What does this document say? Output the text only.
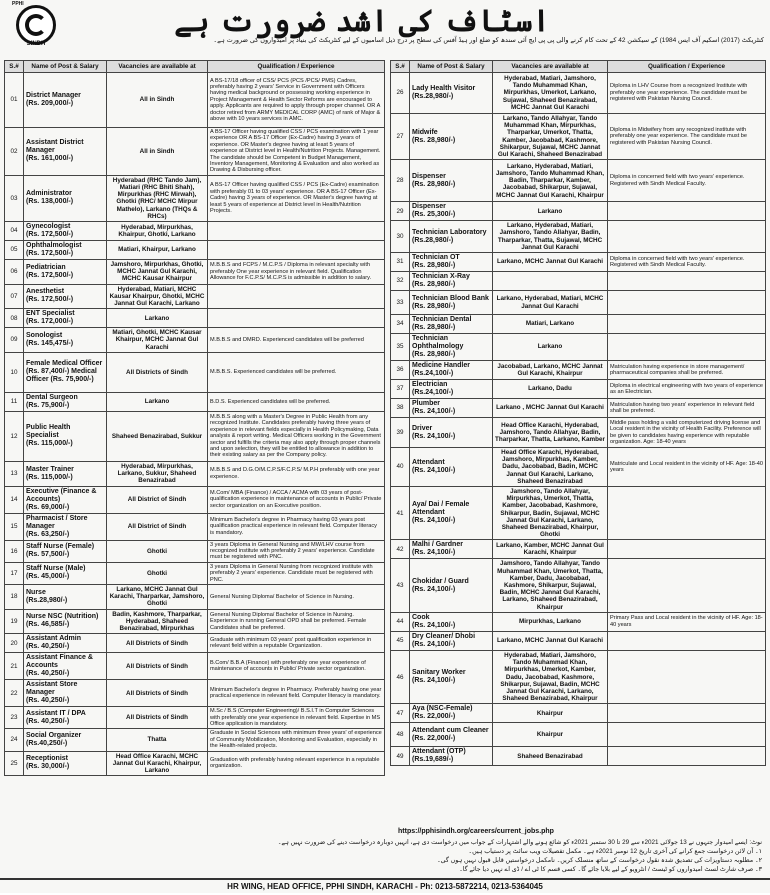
PPHI
SINDH
اسٹاف کی اشد ضرورت ہے
کنٹریکٹ (2017) اسکیم آف ایس 1984) کے سیکشن 42 کے تحت کام کرنے والی پی پی ایچ آئی سندھ کو ضلع اور ہیڈ آفس کی سطح پر درج ذیل اسامیوں کے لیے کنٹریکٹ کی بنیاد پر امیدواروں کی ضرورت ہے۔
S.#	Name of Post & Salary	Vacancies are available at	Qualification / Experience
01	District Manager
(Rs. 209,000/-)	All in Sindh	A BS-17/18 officer of CSS/ PCS (PCS /PCS/ PMS) Cadres, preferably having 2 years' Service in Government with Officers having medical background or possessing working experience in Project Management & Health Sector Reforms are encouraged to apply. Applicants are required to apply through proper channel. OR A doctor retired from ARMY MEDICAL CORP (AMC) of rank of Major & above with 10 years services in AMC.
02	Assistant District Manager
(Rs. 161,000/-)	All in Sindh	A BS-17 Officer having qualified CSS / PCS examination with 1 year experience OR A BS-17 Officer (Ex-Cadre) having 3 years of experience. OR Master's degree having at least 5 years of experience at District level in Health/Nutrition Projects. Management. The candidate should be Competent in Budget Management, Inventory Management, Monitoring & Evaluation and also worked as Drawing & Disbursing officer.
03	Administrator
(Rs. 138,000/-)	Hyderabad (RHC Tando Jam), Matiari (RHC Bhiti Shah), Mirpurkhas (RHC Mirwah), Ghotki (RHC/ MCHC Mirpur Mathelo), Larkano (THQs & RHCs)	A BS-17 Officer having qualified CSS / PCS (Ex-Cadre) examination with preferably 01 to 03 years' experience. OR A BS-17 Officer (Ex-Cadre) having 3 years of experience. OR Master's degree having at least 5 years of experience at District level in Health/Nutrition Projects.
04	Gynecologist
(Rs. 172,500/-)	Hyderabad, Mirpurkhas, Khairpur, Ghotki, Larkano	
05	Ophthalmologist
(Rs. 172,500/-)	Matiari, Khairpur, Larkano	
06	Pediatrician
(Rs. 172,500/-)	Jamshoro, Mirpurkhas, Ghotki, MCHC Jannat Gul Karachi, MCHC Kausar Khairpur	M.B.B.S and FCPS / M.C.P.S / Diploma in relevant specialty with preferably One year experience in relevant field. Qualification Allowance for F.C.P.S/ M.C.P.S is admissible in addition to salary.
07	Anesthetist
(Rs. 172,500/-)	Hyderabad, Matiari, MCHC Kausar Khairpur, Ghotki, MCHC Jannat Gul Karachi, Larkano	
08	ENT Specialist
(Rs. 172,000/-)	Larkano	
09	Sonologist
(Rs. 145,475/-)	Matiari, Ghotki, MCHC Kausar Khairpur, MCHC Jannat Gul Karachi	M.B.B.S and DMRD. Experienced candidates will be preferred
10	Female Medical Officer
(Rs. 87,400/-) Medical Officer (Rs. 75,900/-)	All Districts of Sindh	M.B.B.S. Experienced candidates will be preferred.
11	Dental Surgeon
(Rs. 75,900/-)	Larkano	B.D.S. Experienced candidates will be preferred.
12	Public Health Specialist
(Rs. 115,000/-)	Shaheed Benazirabad, Sukkur	M.B.B.S along with a Master's Degree in Public Health from any recognized Institute. Candidates preferably having three years of experience in relevant fields especially in Health Policymaking, Data analysis & report writing. Medical Officers working in the Government sector and fulfills the criteria may also apply through proper channels and upon selection, they will be entitled to allowance in addition to their existing salary as per the Company policy.
13	Master Trainer
(Rs. 115,000/-)	Hyderabad, Mirpurkhas, Larkano, Sukkur, Shaheed Benazirabad	M.B.B.S and D.G.O/M.C.P.S/F.C.P.S/ M.P.H preferably with one year experience.
14	Executive (Finance & Accounts)
(Rs. 69,000/-)	All District of Sindh	M.Com/ MBA (Finance) / ACCA / ACMA with 03 years of post-qualification experience in maintenance of accounts in Public/ Private sector organization on an Executive position.
15	Pharmacist / Store Manager
(Rs. 63,250/-)	All District of Sindh	Minimum Bachelor's degree in Pharmacy having 03 years post qualification practical experience in relevant field. Computer literacy is mandatory.
16	Staff Nurse (Female)
(Rs. 57,500/-)	Ghotki	3 years Diploma in General Nursing and MW/LHV course from recognized institute with preferably 2 years' experience. Candidate must be registered with PNC.
17	Staff Nurse (Male)
(Rs. 45,000/-)	Ghotki	3 years Diploma in General Nursing from recognized institute with preferably 2 years' experience. Candidate must be registered with PNC.
18	Nurse
(Rs.28,980/-)	Larkano, MCHC Jannat Gul Karachi, Tharparkar, Jamshoro, Ghotki	General Nursing Diploma/ Bachelor of Science in Nursing.
19	Nurse NSC (Nutrition)
(Rs. 46,585/-)	Badin, Kashmore, Tharparkar, Hyderabad, Shaheed Benazirabad, Mirpurkhas	General Nursing Diploma/ Bachelor of Science in Nursing. Experience in running General OPD shall be preferred. Female Candidates shall be preferred.
20	Assistant Admin
(Rs. 40,250/-)	All Districts of Sindh	Graduate with minimum 03 years' post qualification experience in relevant field within a reputable Organization.
21	Assistant Finance & Accounts
(Rs. 40,250/-)	All Districts of Sindh	B.Com/ B.B.A (Finance) with preferably one year experience of maintenance of accounts in Public/ Private sector organization.
22	Assistant Store Manager
(Rs. 40,250/-)	All Districts of Sindh	Minimum Bachelor's degree in Pharmacy. Preferably having one year practical experience in relevant field. Computer literacy is mandatory.
23	Assistant IT / DPA
(Rs. 40,250/-)	All Districts of Sindh	M.Sc / B.S (Computer Engineering)/ B.S.I.T in Computer Sciences with preferably one year experience in relevant field. Expertise in MS Office application is mandatory.
24	Social Organizer
(Rs.40,250/-)	Thatta	Graduate in Social Sciences with minimum three years' of experience of Community Mobilization, Monitoring and Evaluation, especially in the Health-related projects.
25	Receptionist
(Rs. 30,000/-)	Head Office Karachi, MCHC Jannat Gul Karachi, Khairpur, Larkano	Graduation with preferably having relevant experience in a reputable organization.
S.#	Name of Post & Salary	Vacancies are available at	Qualification / Experience
26	Lady Health Visitor
(Rs.28,980/-)	Hyderabad, Matiari, Jamshoro, Tando Muhammad Khan, Mirpurkhas, Umerkot, Larkano, Sujawal, Shaheed Benazirabad, MCHC Jannat Gul Karachi	Diploma in LHV Course from a recognized Institute with preferably one year experience. The candidate must be registered with Pakistan Nursing Council.
27	Midwife
(Rs. 28,980/-)	Larkano, Tando Allahyar, Tando Muhammad Khan, Mirpurkhas, Tharparkar, Umerkot, Thatta, Kamber, Jacobabad, Kashmore, Shikarpur, Sujawal, MCHC Jannat Gul Karachi, Shaheed Benazirabad	Diploma in Midwifery from any recognized institute with preferably one year experience. The candidate must be registered with Pakistan Nursing Council.
28	Dispenser
(Rs. 28,980/-)	Larkano, Hyderabad, Matiari, Jamshoro, Tando Muhammad Khan, Badin, Tharparkar, Kamber, Jacobabad, Shikarpur, Sujawal, MCHC Jannat Gul Karachi, Khairpur	Diploma in concerned field with two years' experience. Registered with Sindh Medical Faculty.
29	Dispenser
(Rs. 25,300/-)	Larkano	
30	Technician Laboratory
(Rs.28,980/-)	Larkano, Hyderabad, Matiari, Jamshoro, Tando Allahyar, Badin, Tharparkar, Thatta, Sujawal, MCHC Jannat Gul Karachi	
31	Technician OT
(Rs. 28,980/-)	Larkano, MCHC Jannat Gul Karachi	Diploma in concerned field with two years' experience. Registered with Sindh Medical Faculty.
32	Technician X-Ray
(Rs. 28,980/-)		

33	Technician Blood Bank
(Rs. 28,980/-)	Larkano, Hyderabad, Matiari, MCHC Jannat Gul Karachi	
34	Technician Dental
(Rs. 28,980/-)	Matiari, Larkano	
35	Technician Ophthalmology
(Rs. 28,980/-)	Larkano	
36	Medicine Handler
(Rs.24,100/-)	Jacobabad, Larkano, MCHC Jannat Gul Karachi, Khairpur	Matriculation having experience in store management/ pharmaceutical companies shall be preferred.
37	Electrician
(Rs.24,100/-)	Larkano, Dadu	Diploma in electrical engineering with two years of experience as an Electrician.
38	Plumber
(Rs. 24,100/-)	Larkano , MCHC Jannat Gul Karachi	Matriculation having two years' experience in relevant field shall be preferred.
39	Driver
(Rs. 24,100/-)	Head Office Karachi, Hyderabad, Jamshoro, Tando Allahyar, Badin, Tharparkar, Thatta, Larkano, Kamber	Middle pass holding a valid computerized driving license and Local resident in the vicinity of Health Facility. Preference will be given to candidates having experience with reputable organization. Age: 18-40 years
40	Attendant
(Rs. 24,100/-)	Head Office Karachi, Hyderabad, Jamshoro, Mirpurkhas, Kamber, Dadu, Jacobabad, Badin, MCHC Jannat Gul Karachi, Larkano, Shaheed Benazirabad	Matriculate and Local resident in the vicinity of HF. Age: 18-40 years
41	Aya/ Dai / Female Attendant
(Rs. 24,100/-)	Jamshoro, Tando Allahyar, Mirpurkhas, Umerkot, Thatta, Kamber, Jacobabad, Kashmore, Shikarpur, Badin, Sujawal, MCHC Jannat Gul Karachi, Larkano, Shaheed Benazirabad, Khairpur, Ghotki	
42	Malhi / Gardner
(Rs. 24,100/-)	Larkano, Kamber, MCHC Jannat Gul Karachi, Khairpur	
43	Chokidar / Guard
(Rs. 24,100/-)	Jamshoro, Tando Allahyar, Tando Muhammad Khan, Umerkot, Thatta, Kamber, Dadu, Jacobabad, Kashmore, Shikarpur, Sujawal, Badin, MCHC Jannat Gul Karachi, Larkano, Shaheed Benazirabad, Khairpur	
44	Cook
(Rs. 24,100/-)	Mirpurkhas, Larkano	Primary Pass and Local resident in the vicinity of HF. Age: 18-40 years
45	Dry Cleaner/ Dhobi
(Rs. 24,100/-)	Larkano, MCHC Jannat Gul Karachi	
46	Sanitary Worker
(Rs. 24,100/-)	Hyderabad, Matiari, Jamshoro, Tando Muhammad Khan, Mirpurkhas, Umerkot, Kamber, Dadu, Jacobabad, Kashmore, Shikarpur, Sujawal, Badin, MCHC Jannat Gul Karachi, Larkano, Shaheed Benazirabad, Khairpur	
47	Aya (NSC-Female)
(Rs. 22,000/-)	Khairpur	
48	Attendant cum Cleaner
(Rs. 22,000/-)	Khairpur	
49	Attendant (OTP)
(Rs.19,689/-)	Shaheed Benazirabad	
نوٹ: ایسے امیدوار جنہوں نے 13 جولائی 2021ء سے 29 تا 30 ستمبر 2021ء کو شائع ہونے والے اشتہارات کے جواب میں درخواست دی ہے، انہیں دوبارہ درخواست دینے کی ضرورت نہیں ہے۔
۱۔ آن لائن درخواست جمع کرانے کی آخری تاریخ 12 نومبر 2021ء ہے۔ مکمل تفصیلات ویب سائٹ پر دستیاب ہیں۔
۲۔ مطلوبہ دستاویزات کی تصدیق شدہ نقول درخواست کے ساتھ منسلک کریں۔ نامکمل درخواستیں قابل قبول نہیں ہوں گی۔
۳۔ صرف شارٹ لسٹ امیدواروں کو ٹیسٹ / انٹرویو کے لیے بلایا جائے گا۔ کسی قسم کا ٹی اے / ڈی اے نہیں دیا جائے گا۔
https://pphisindh.org/careers/current_jobs.php
HR WING, HEAD OFFICE, PPHI SINDH, KARACHI - Ph: 0213-5872214, 0213-5364045
